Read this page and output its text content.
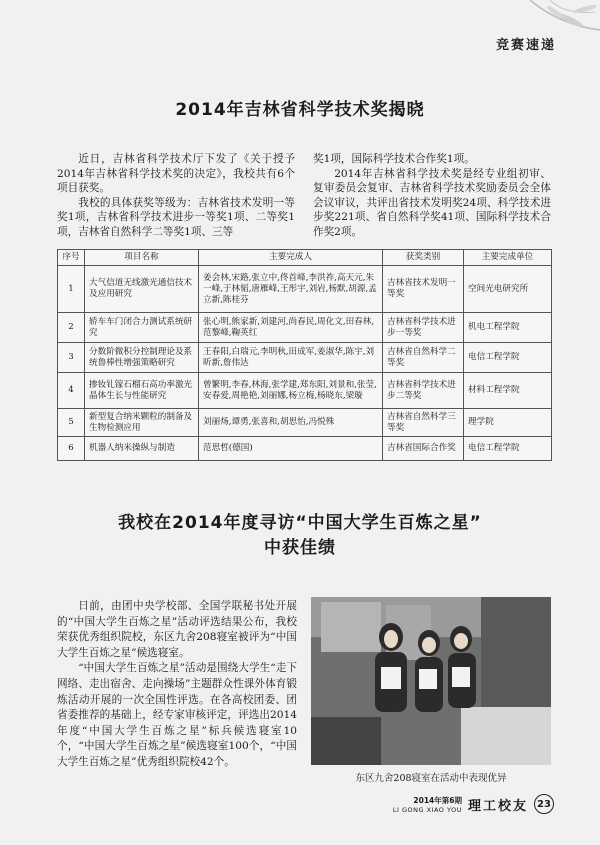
竞赛速递
2014年吉林省科学技术奖揭晓

近日，吉林省科学技术厅下发了《关于授予2014年吉林省科学技术奖的决定》，我校共有6个项目获奖。

我校的具体获奖等级为：吉林省技术发明一等奖1项，吉林省科学技术进步一等奖1项、二等奖1项，吉林省自然科学二等奖1项、三等

奖1项，国际科学技术合作奖1项。

2014年吉林省科学技术奖是经专业组初审、复审委员会复审、吉林省科学技术奖励委员会全体会议审议，共评出省技术发明奖24项、科学技术进步奖221项、省自然科学奖41项、国际科学技术合作奖2项。

序号	项目名称	主要完成人	获奖类别	主要完成单位
1	大气信道无线激光通信技术及应用研究	姜会林,宋路,张立中,佟首峰,李洪祚,高天元,朱一峰,于林韬,唐雁峰,王彤宇,刘岩,杨默,胡源,孟立新,陈桂芬	吉林省技术发明一等奖	空间光电研究所
2	轿车车门闭合力测试系统研究	张心明,熊家新,刘建河,尚春民,周化文,田春林,范黎峰,鞠英红	吉林省科学技术进步一等奖	机电工程学院
3	分数阶微积分控制理论及系统鲁棒性增强策略研究	王春阳,白瑞元,李明秋,田成军,姜淑华,陈宇,刘昕新,詹伟达	吉林省自然科学二等奖	电信工程学院
4	掺钕钆镓石榴石高功率激光晶体生长与性能研究	曾繁明,李春,林海,张学建,郑东阳,刘景和,张莹,安春爱,周艳艳,刘丽娜,杨立梅,杨晓东,梁璇	吉林省科学技术进步二等奖	材料工程学院
5	新型复合纳米颗粒的制备及生物检测应用	刘丽炀,谭勇,张喜和,胡思怡,冯悦殊	吉林省自然科学三等奖	理学院
6	机器人纳米操纵与制造	范思哲(德国)	吉林省国际合作奖	电信工程学院
我校在2014年度寻访“中国大学生百炼之星”
中获佳绩

日前，由团中央学校部、全国学联秘书处开展的“中国大学生百炼之星”活动评选结果公布，我校荣获优秀组织院校，东区九舍208寝室被评为“中国大学生百炼之星”候选寝室。

“中国大学生百炼之星”活动是围绕大学生“走下网络、走出宿舍、走向操场”主题群众性课外体育锻炼活动开展的一次全国性评选。在各高校团委、团省委推荐的基础上，经专家审核评定，评选出2014年度“中国大学生百炼之星”标兵候选寝室10个，“中国大学生百炼之星”候选寝室100个，“中国大学生百炼之星”优秀组织院校42个。

东区九舍208寝室在活动中表现优异
2014年第6期
LI GONG XIAO YOU 理工校友 23
